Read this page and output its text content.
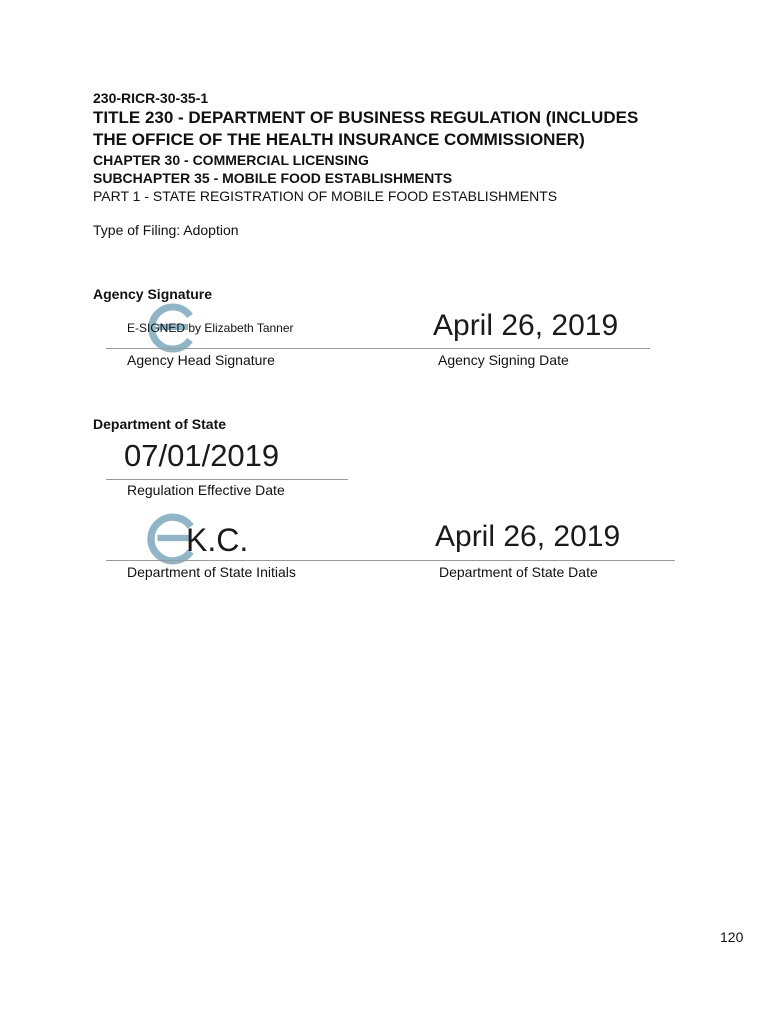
230-RICR-30-35-1
TITLE 230 - DEPARTMENT OF BUSINESS REGULATION (INCLUDES
THE OFFICE OF THE HEALTH INSURANCE COMMISSIONER)
CHAPTER 30 - COMMERCIAL LICENSING
SUBCHAPTER 35 - MOBILE FOOD ESTABLISHMENTS
PART 1 - STATE REGISTRATION OF MOBILE FOOD ESTABLISHMENTS
Type of Filing: Adoption
Agency Signature
E-SIGNED by Elizabeth Tanner	April 26, 2019
Agency Head Signature	Agency Signing Date
Department of State
07/01/2019
Regulation Effective Date
K.C.	April 26, 2019
Department of State Initials	Department of State Date
120
